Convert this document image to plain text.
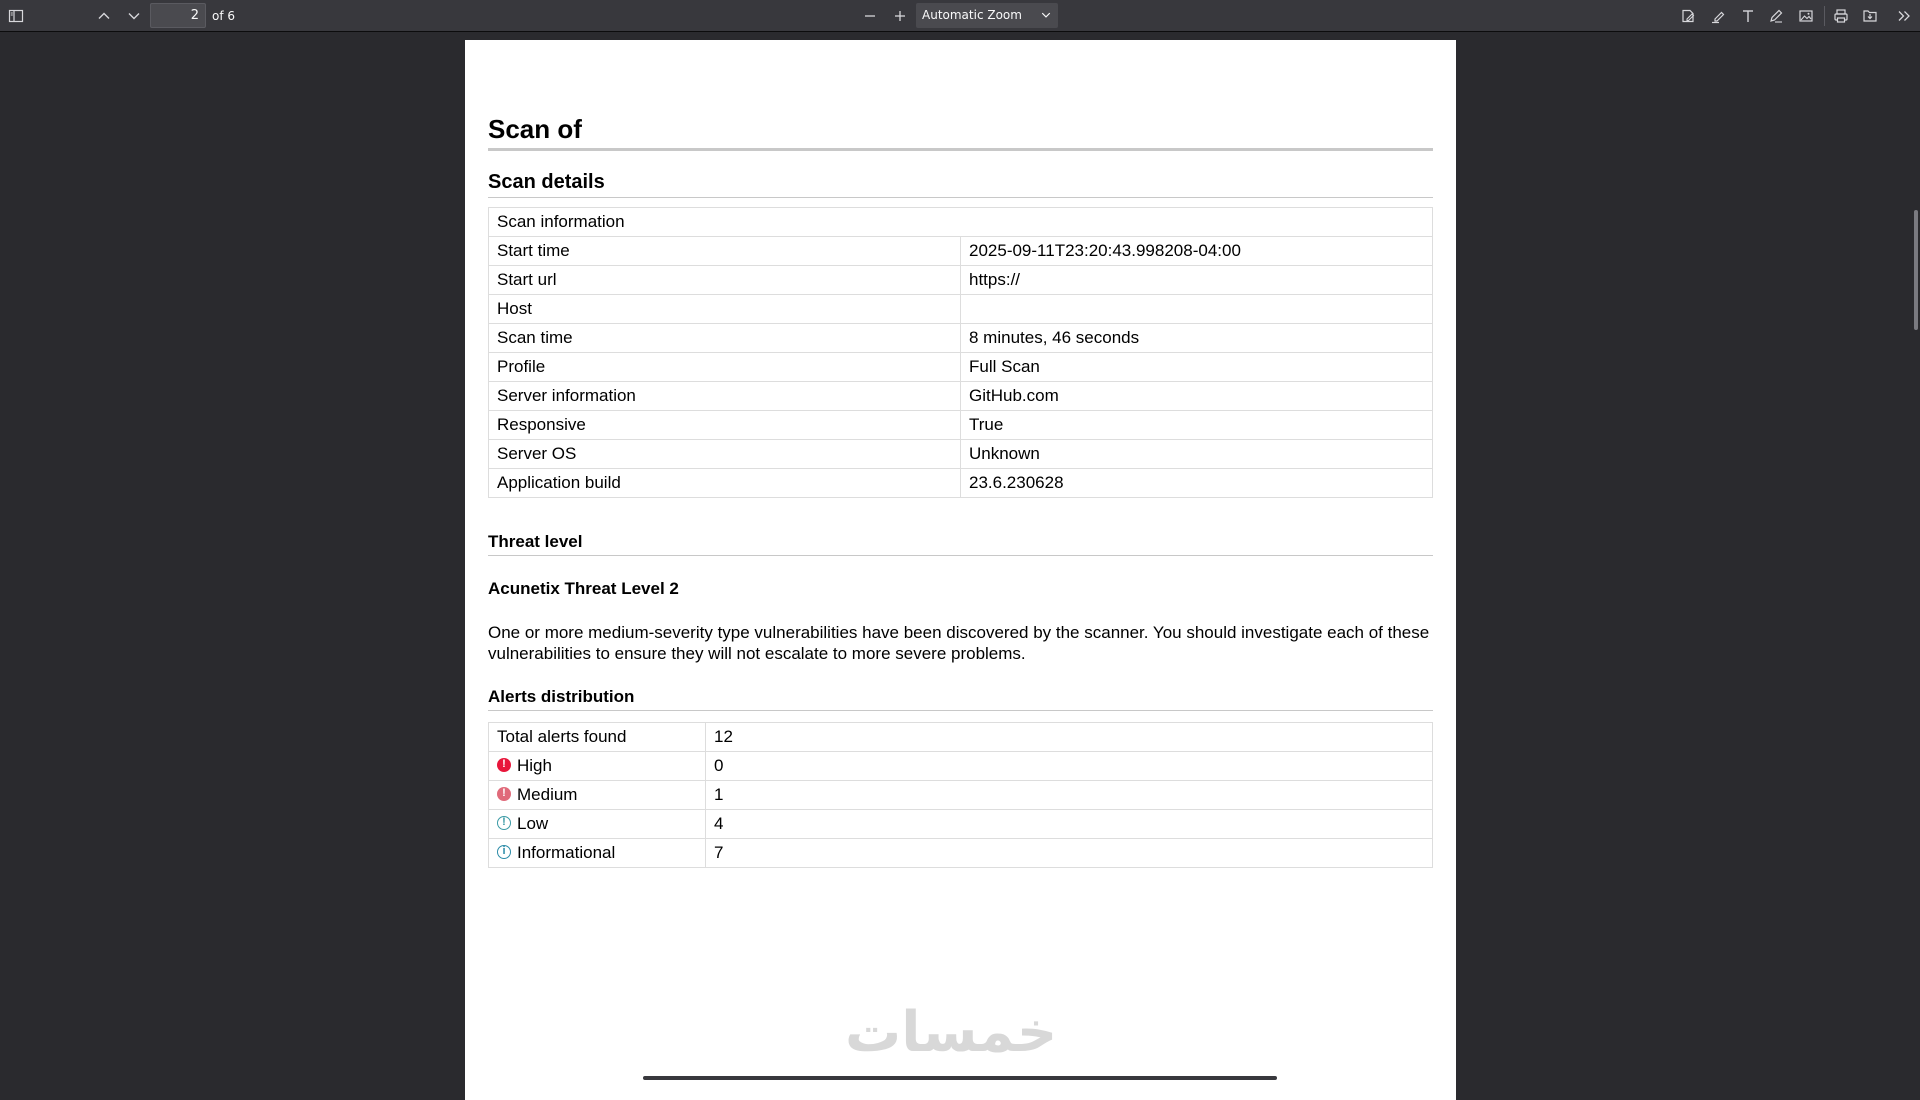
2
of 6	Automatic Zoom
Scan of
Scan details
Scan information	
Start time	2025-09-11T23:20:43.998208-04:00
Start url	https://
Host	
Scan time	8 minutes, 46 seconds
Profile	Full Scan
Server information	GitHub.com
Responsive	True
Server OS	Unknown
Application build	23.6.230628
Threat level
Acunetix Threat Level 2
One or more medium-severity type vulnerabilities have been discovered by the scanner. You should investigate each of these vulnerabilities to ensure they will not escalate to more severe problems.
Alerts distribution
Total alerts found	12
!High	0
!Medium	1
!Low	4
iInformational	7
خمسات
